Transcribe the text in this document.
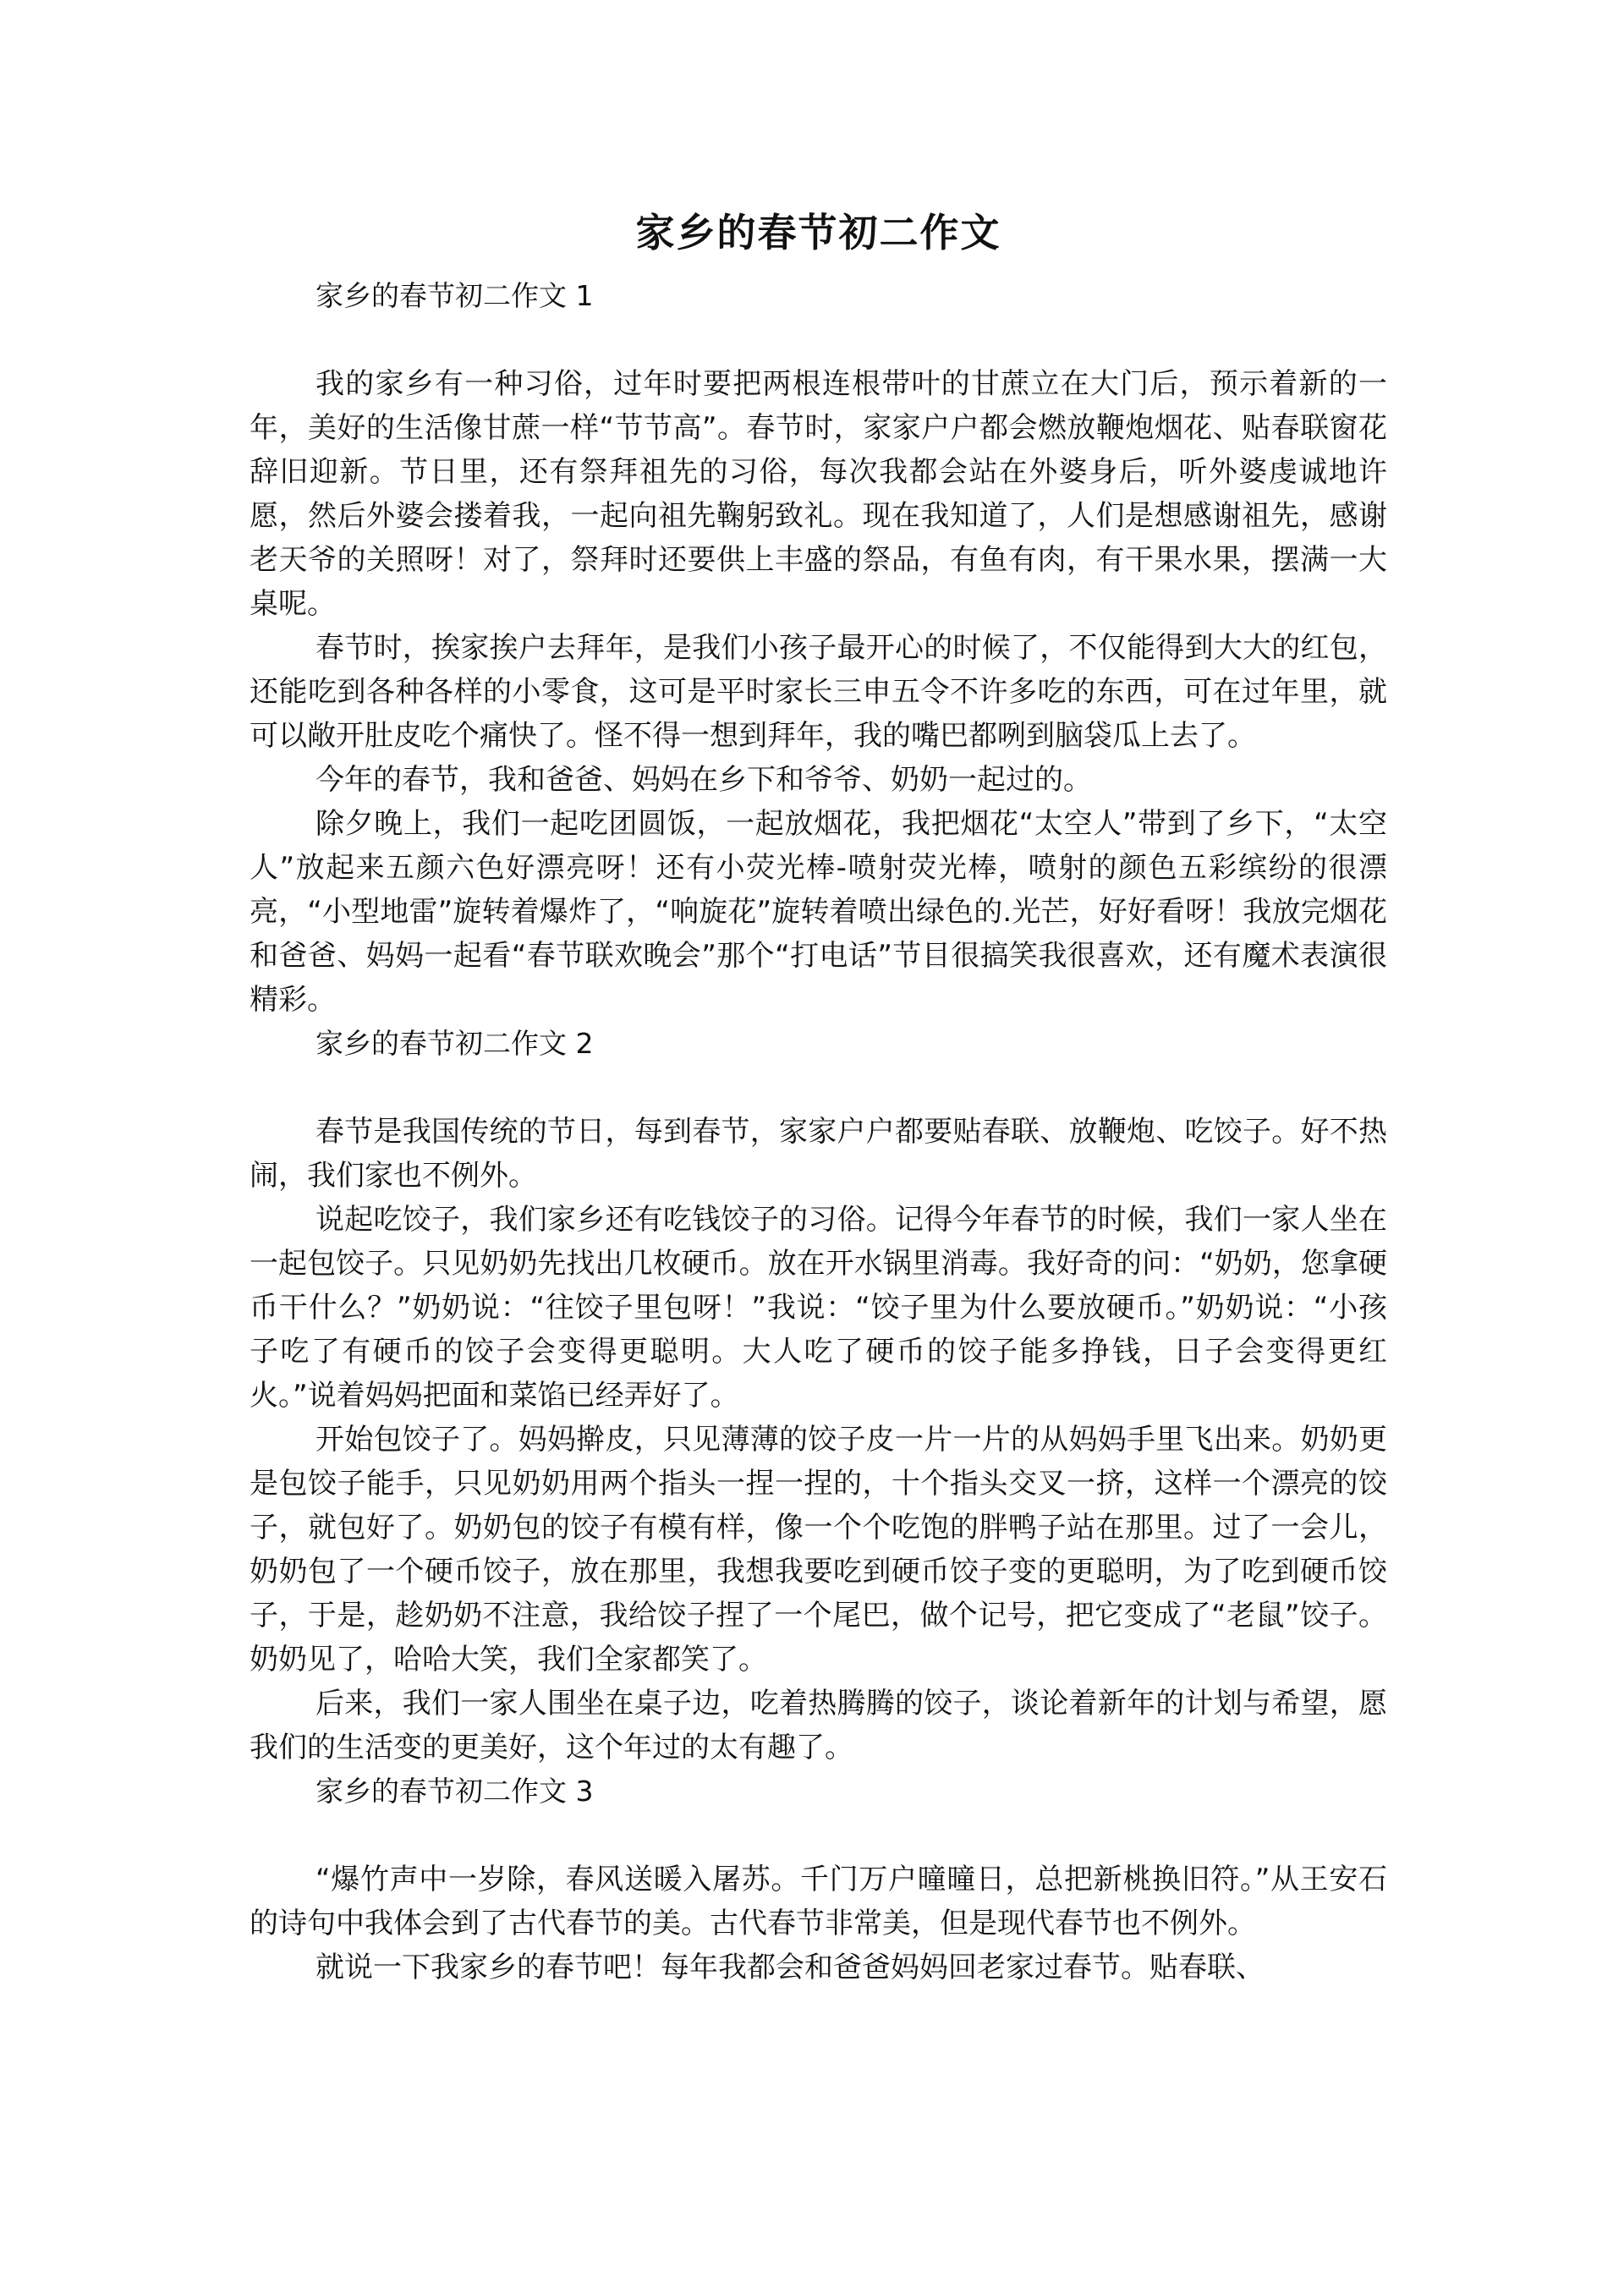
家乡的春节初二作文

家乡的春节初二作文 1

我的家乡有一种习俗，过年时要把两根连根带叶的甘蔗立在大门后，预示着新的一年，美好的生活像甘蔗一样“节节高”。春节时，家家户户都会燃放鞭炮烟花、贴春联窗花辞旧迎新。节日里，还有祭拜祖先的习俗，每次我都会站在外婆身后，听外婆虔诚地许愿，然后外婆会搂着我，一起向祖先鞠躬致礼。现在我知道了，人们是想感谢祖先，感谢老天爷的关照呀！对了，祭拜时还要供上丰盛的祭品，有鱼有肉，有干果水果，摆满一大桌呢。

春节时，挨家挨户去拜年，是我们小孩子最开心的时候了，不仅能得到大大的红包，还能吃到各种各样的小零食，这可是平时家长三申五令不许多吃的东西，可在过年里，就可以敞开肚皮吃个痛快了。怪不得一想到拜年，我的嘴巴都咧到脑袋瓜上去了。

今年的春节，我和爸爸、妈妈在乡下和爷爷、奶奶一起过的。

除夕晚上，我们一起吃团圆饭，一起放烟花，我把烟花“太空人”带到了乡下，“太空人”放起来五颜六色好漂亮呀！还有小荧光棒-喷射荧光棒，喷射的颜色五彩缤纷的很漂亮，“小型地雷”旋转着爆炸了，“响旋花”旋转着喷出绿色的.光芒，好好看呀！我放完烟花和爸爸、妈妈一起看“春节联欢晚会”那个“打电话”节目很搞笑我很喜欢，还有魔术表演很精彩。

家乡的春节初二作文 2

春节是我国传统的节日，每到春节，家家户户都要贴春联、放鞭炮、吃饺子。好不热闹，我们家也不例外。

说起吃饺子，我们家乡还有吃钱饺子的习俗。记得今年春节的时候，我们一家人坐在一起包饺子。只见奶奶先找出几枚硬币。放在开水锅里消毒。我好奇的问：“奶奶，您拿硬币干什么？”奶奶说：“往饺子里包呀！”我说：“饺子里为什么要放硬币。”奶奶说：“小孩子吃了有硬币的饺子会变得更聪明。大人吃了硬币的饺子能多挣钱，日子会变得更红火。”说着妈妈把面和菜馅已经弄好了。

开始包饺子了。妈妈擀皮，只见薄薄的饺子皮一片一片的从妈妈手里飞出来。奶奶更是包饺子能手，只见奶奶用两个指头一捏一捏的，十个指头交叉一挤，这样一个漂亮的饺子，就包好了。奶奶包的饺子有模有样，像一个个吃饱的胖鸭子站在那里。过了一会儿，奶奶包了一个硬币饺子，放在那里，我想我要吃到硬币饺子变的更聪明，为了吃到硬币饺子，于是，趁奶奶不注意，我给饺子捏了一个尾巴，做个记号，把它变成了“老鼠”饺子。奶奶见了，哈哈大笑，我们全家都笑了。

后来，我们一家人围坐在桌子边，吃着热腾腾的饺子，谈论着新年的计划与希望，愿我们的生活变的更美好，这个年过的太有趣了。

家乡的春节初二作文 3

“爆竹声中一岁除，春风送暖入屠苏。千门万户曈曈日，总把新桃换旧符。”从王安石的诗句中我体会到了古代春节的美。古代春节非常美，但是现代春节也不例外。

就说一下我家乡的春节吧！每年我都会和爸爸妈妈回老家过春节。贴春联、
